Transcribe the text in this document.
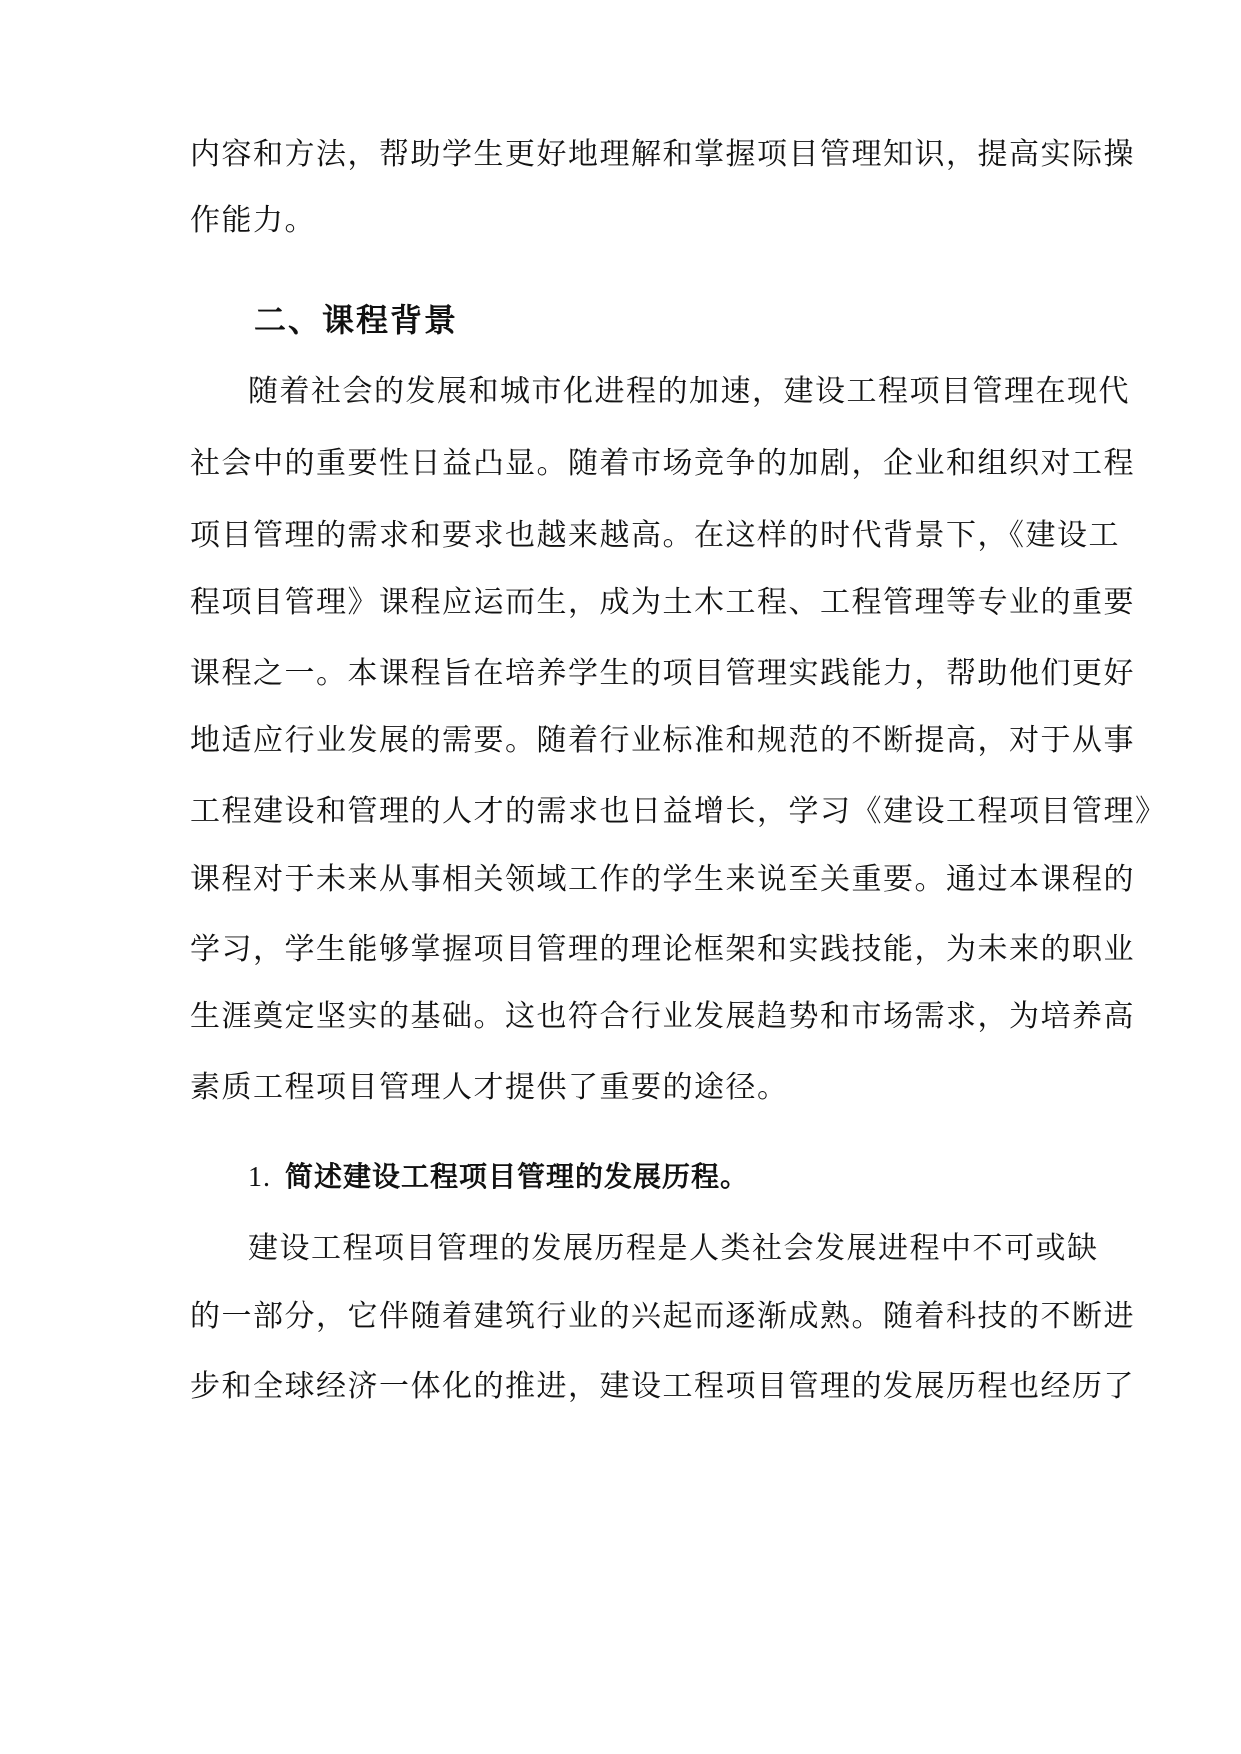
内容和方法，帮助学生更好地理解和掌握项目管理知识，提高实际操
作能力。
二、课程背景
随着社会的发展和城市化进程的加速，建设工程项目管理在现代
社会中的重要性日益凸显。随着市场竞争的加剧，企业和组织对工程
项目管理的需求和要求也越来越高。在这样的时代背景下，《建设工
程项目管理》课程应运而生，成为土木工程、工程管理等专业的重要
课程之一。本课程旨在培养学生的项目管理实践能力，帮助他们更好
地适应行业发展的需要。随着行业标准和规范的不断提高，对于从事
工程建设和管理的人才的需求也日益增长，学习《建设工程项目管理》
课程对于未来从事相关领域工作的学生来说至关重要。通过本课程的
学习，学生能够掌握项目管理的理论框架和实践技能，为未来的职业
生涯奠定坚实的基础。这也符合行业发展趋势和市场需求，为培养高
素质工程项目管理人才提供了重要的途径。
1. 简述建设工程项目管理的发展历程。
建设工程项目管理的发展历程是人类社会发展进程中不可或缺
的一部分，它伴随着建筑行业的兴起而逐渐成熟。随着科技的不断进
步和全球经济一体化的推进，建设工程项目管理的发展历程也经历了
